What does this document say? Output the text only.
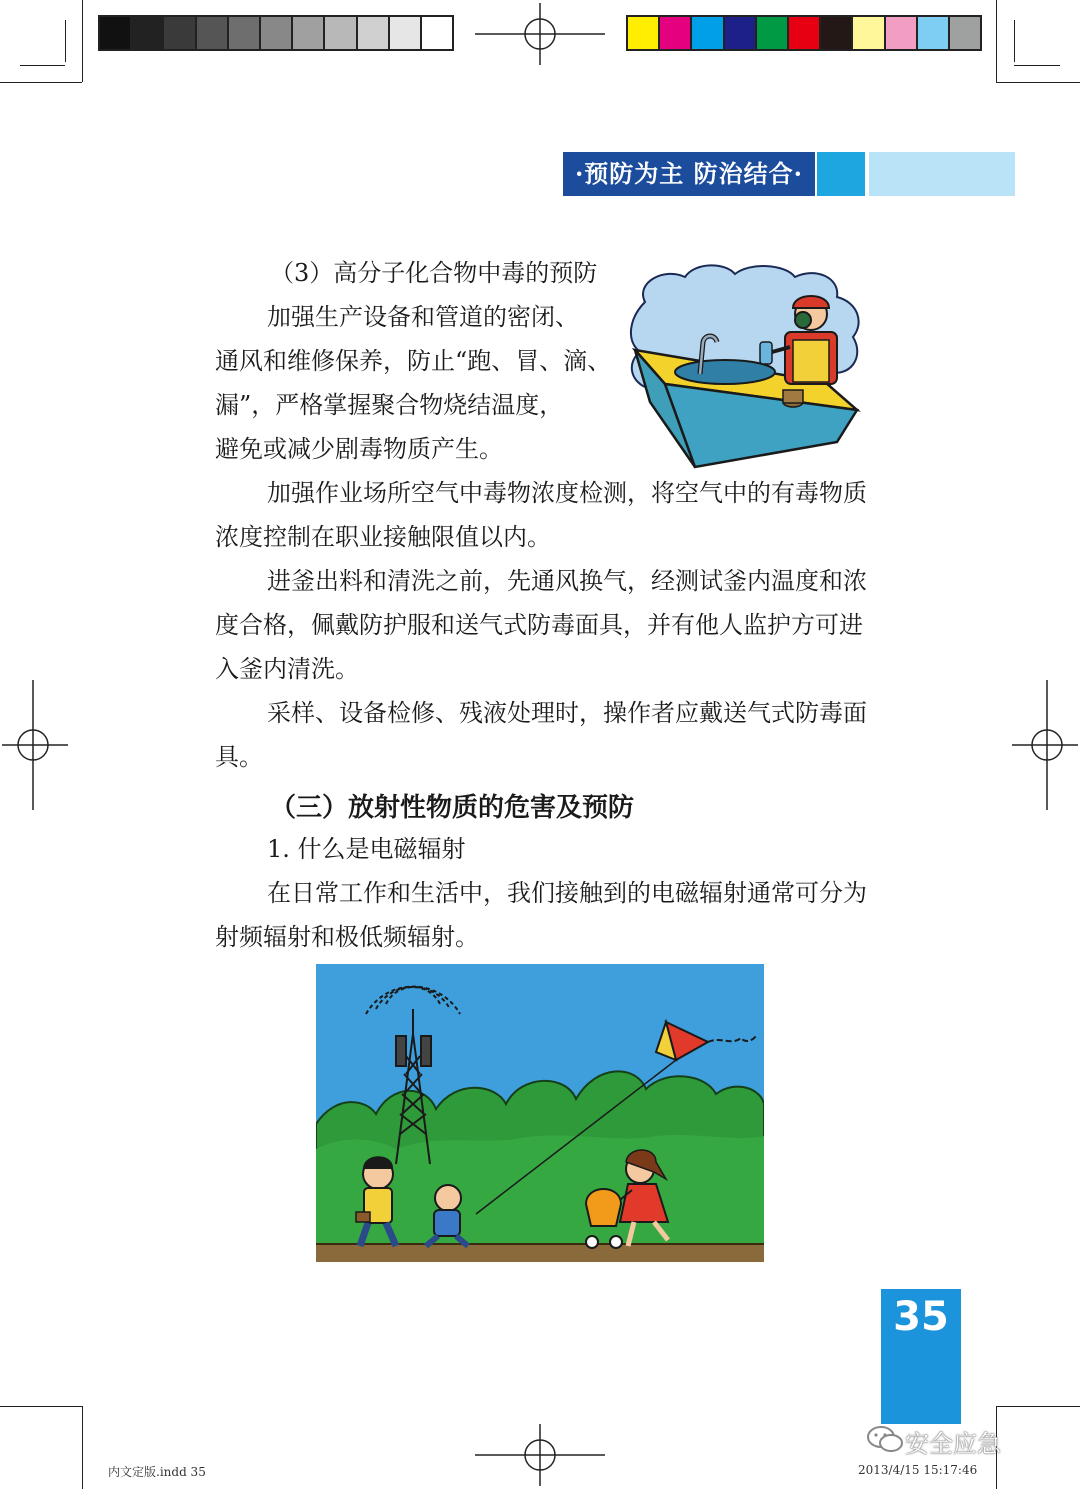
·预防为主 防治结合·

（3）高分子化合物中毒的预防

加强生产设备和管道的密闭、

通风和维修保养，防止“跑、冒、滴、

漏”，严格掌握聚合物烧结温度，

避免或减少剧毒物质产生。

加强作业场所空气中毒物浓度检测，将空气中的有毒物质浓度控制在职业接触限值以内。

进釜出料和清洗之前，先通风换气，经测试釜内温度和浓度合格，佩戴防护服和送气式防毒面具，并有他人监护方可进入釜内清洗。

采样、设备检修、残液处理时，操作者应戴送气式防毒面具。

（三）放射性物质的危害及预防

1. 什么是电磁辐射

在日常工作和生活中，我们接触到的电磁辐射通常可分为射频辐射和极低频辐射。

35
内文定版.indd 35	2013/4/15 15:17:46
安全应急
